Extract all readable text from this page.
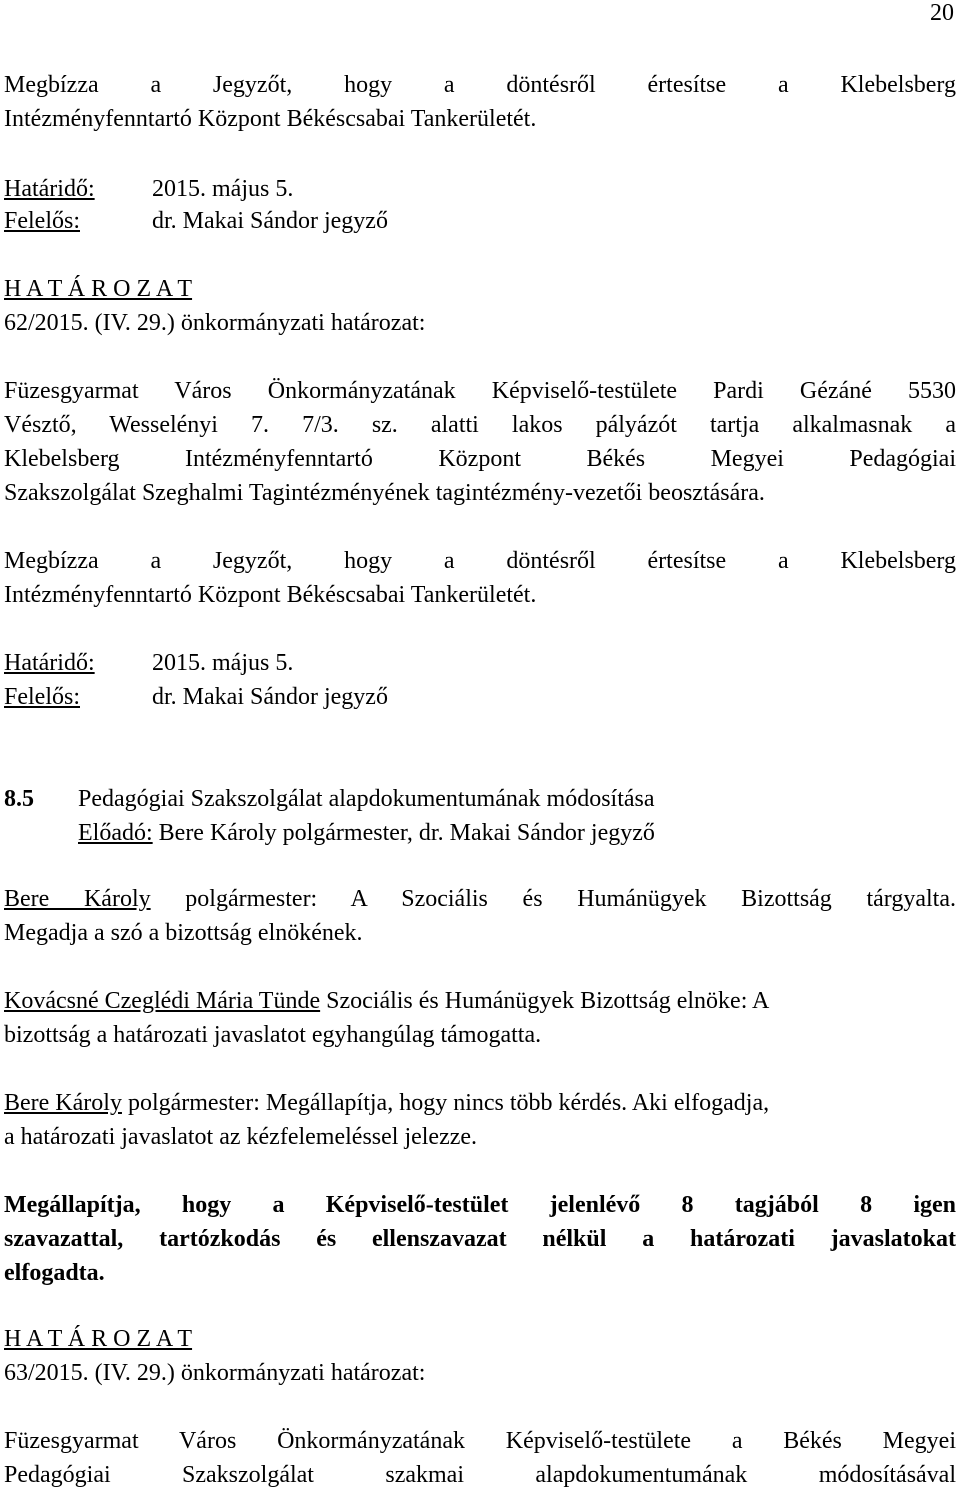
20
Megbízza a Jegyzőt, hogy a döntésről értesítse a Klebelsberg
Intézményfenntartó Központ Békéscsabai Tankerületét.
Határidő: 2015. május 5.
Felelős:	dr. Makai Sándor jegyző
H A T Á R O Z A T
62/2015. (IV. 29.) önkormányzati határozat:
Füzesgyarmat Város Önkormányzatának Képviselő-testülete Pardi Gézáné 5530
Vésztő, Wesselényi 7. 7/3. sz. alatti lakos pályázót tartja alkalmasnak a
Klebelsberg Intézményfenntartó Központ Békés Megyei Pedagógiai
Szakszolgálat Szeghalmi Tagintézményének tagintézmény-vezetői beosztására.
Megbízza a Jegyzőt, hogy a döntésről értesítse a Klebelsberg
Intézményfenntartó Központ Békéscsabai Tankerületét.
Határidő: 2015. május 5.
Felelős:	dr. Makai Sándor jegyző
8.5 Pedagógiai Szakszolgálat alapdokumentumának módosítása
Előadó: Bere Károly polgármester, dr. Makai Sándor jegyző
Bere Károly polgármester: A Szociális és Humánügyek Bizottság tárgyalta.
Megadja a szó a bizottság elnökének.
Kovácsné Czeglédi Mária Tünde Szociális és Humánügyek Bizottság elnöke: A
bizottság a határozati javaslatot egyhangúlag támogatta.
Bere Károly polgármester: Megállapítja, hogy nincs több kérdés. Aki elfogadja,
a határozati javaslatot az kézfelemeléssel jelezze.
Megállapítja, hogy a Képviselő-testület jelenlévő 8 tagjából 8 igen
szavazattal, tartózkodás és ellenszavazat nélkül a határozati javaslatokat
elfogadta.
H A T Á R O Z A T
63/2015. (IV. 29.) önkormányzati határozat:
Füzesgyarmat Város Önkormányzatának Képviselő-testülete a Békés Megyei
Pedagógiai Szakszolgálat szakmai alapdokumentumának módosításával
